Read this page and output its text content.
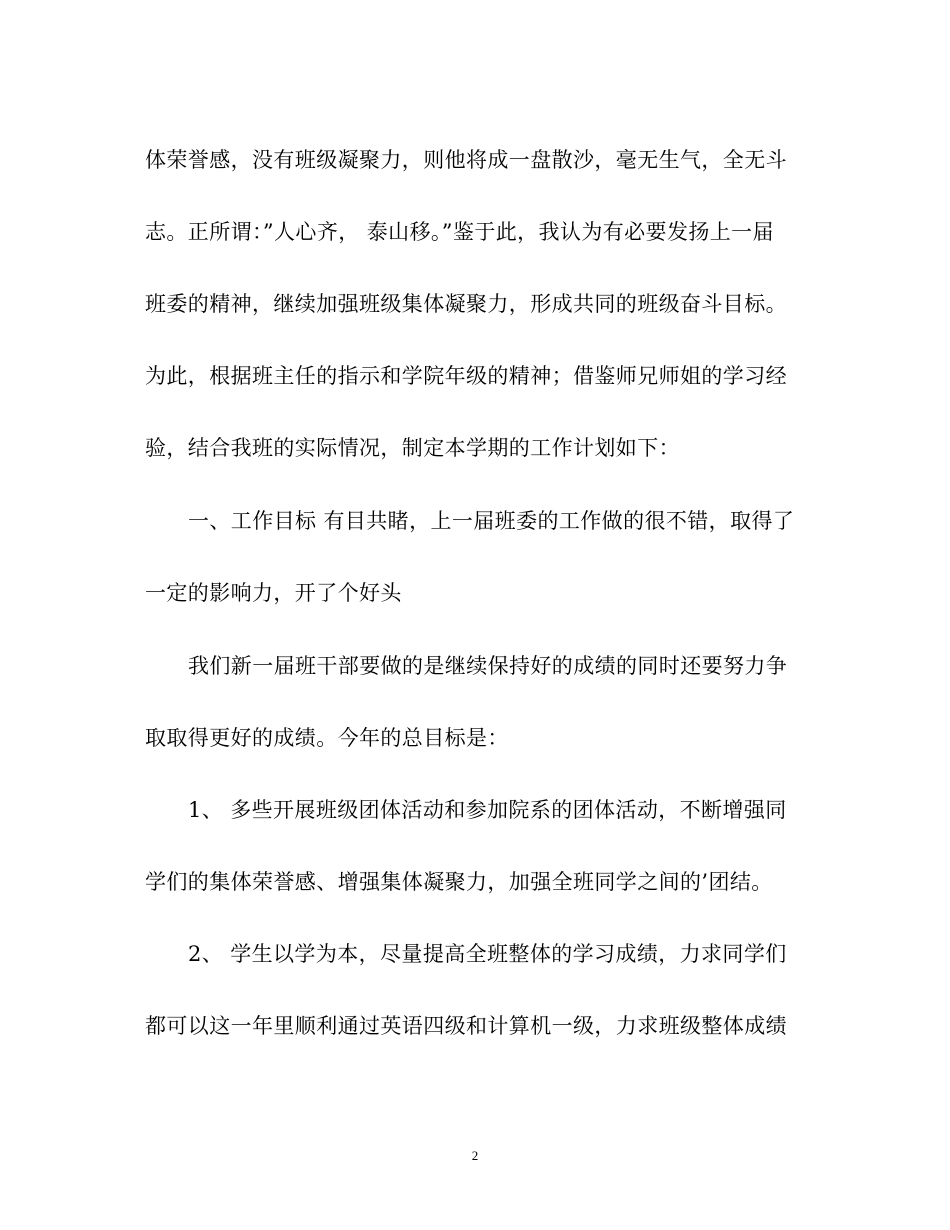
体荣誉感，没有班级凝聚力，则他将成一盘散沙，毫无生气，全无斗
志。正所谓：”人心齐， 泰山移。”鉴于此，我认为有必要发扬上一届
班委的精神，继续加强班级集体凝聚力，形成共同的班级奋斗目标。
为此，根据班主任的指示和学院年级的精神；借鉴师兄师姐的学习经
验，结合我班的实际情况，制定本学期的工作计划如下：
一、工作目标 有目共睹，上一届班委的工作做的很不错，取得了
一定的影响力，开了个好头
我们新一届班干部要做的是继续保持好的成绩的同时还要努力争
取取得更好的成绩。今年的总目标是：
1、 多些开展班级团体活动和参加院系的团体活动，不断增强同
学们的集体荣誉感、增强集体凝聚力，加强全班同学之间的’团结。
2、 学生以学为本，尽量提高全班整体的学习成绩，力求同学们
都可以这一年里顺利通过英语四级和计算机一级，力求班级整体成绩
2
